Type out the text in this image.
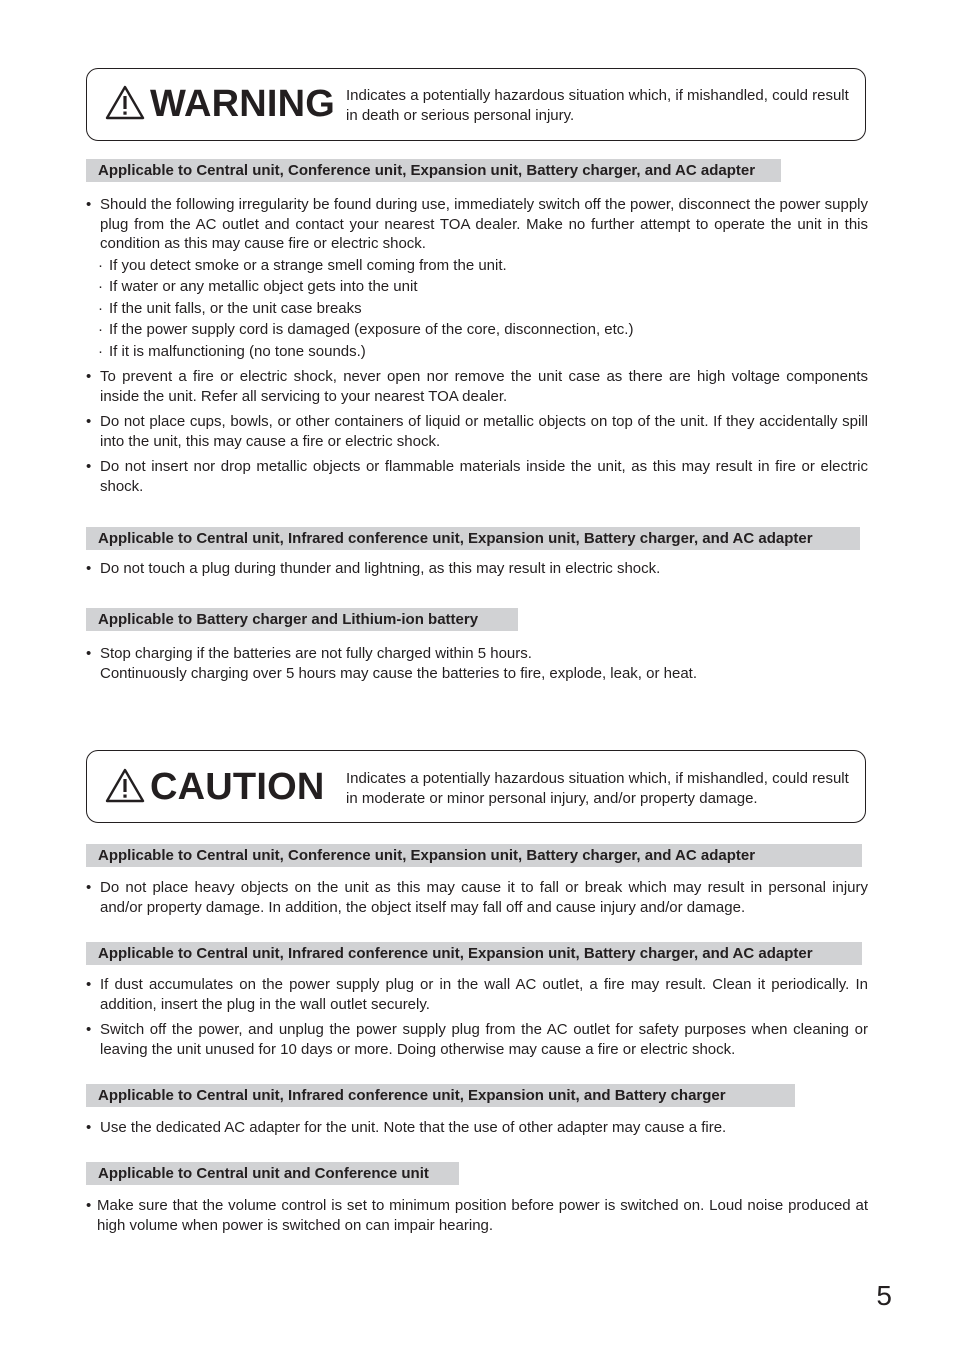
WARNING Indicates a potentially hazardous situation which, if mishandled, could result in death or serious personal injury.
Applicable to Central unit, Conference unit, Expansion unit, Battery charger, and AC adapter
• Should the following irregularity be found during use, immediately switch off the power, disconnect the power supply plug from the AC outlet and contact your nearest TOA dealer. Make no further attempt to operate the unit in this condition as this may cause fire or electric shock.
· If you detect smoke or a strange smell coming from the unit.
· If water or any metallic object gets into the unit
· If the unit falls, or the unit case breaks
· If the power supply cord is damaged (exposure of the core, disconnection, etc.)
· If it is malfunctioning (no tone sounds.)
• To prevent a fire or electric shock, never open nor remove the unit case as there are high voltage components inside the unit. Refer all servicing to your nearest TOA dealer.
• Do not place cups, bowls, or other containers of liquid or metallic objects on top of the unit. If they accidentally spill into the unit, this may cause a fire or electric shock.
• Do not insert nor drop metallic objects or flammable materials inside the unit, as this may result in fire or electric shock.
Applicable to Central unit, Infrared conference unit, Expansion unit, Battery charger, and AC adapter
• Do not touch a plug during thunder and lightning, as this may result in electric shock.
Applicable to Battery charger and Lithium-ion battery
• Stop charging if the batteries are not fully charged within 5 hours.
Continuously charging over 5 hours may cause the batteries to fire, explode, leak, or heat.
CAUTION Indicates a potentially hazardous situation which, if mishandled, could result in moderate or minor personal injury, and/or property damage.
Applicable to Central unit, Conference unit, Expansion unit, Battery charger, and AC adapter
• Do not place heavy objects on the unit as this may cause it to fall or break which may result in personal injury and/or property damage. In addition, the object itself may fall off and cause injury and/or damage.
Applicable to Central unit, Infrared conference unit, Expansion unit, Battery charger, and AC adapter
• If dust accumulates on the power supply plug or in the wall AC outlet, a fire may result. Clean it periodically. In addition, insert the plug in the wall outlet securely.
• Switch off the power, and unplug the power supply plug from the AC outlet for safety purposes when cleaning or leaving the unit unused for 10 days or more. Doing otherwise may cause a fire or electric shock.
Applicable to Central unit, Infrared conference unit, Expansion unit, and Battery charger
• Use the dedicated AC adapter for the unit. Note that the use of other adapter may cause a fire.
Applicable to Central unit and Conference unit
• Make sure that the volume control is set to minimum position before power is switched on. Loud noise produced at high volume when power is switched on can impair hearing.
5
